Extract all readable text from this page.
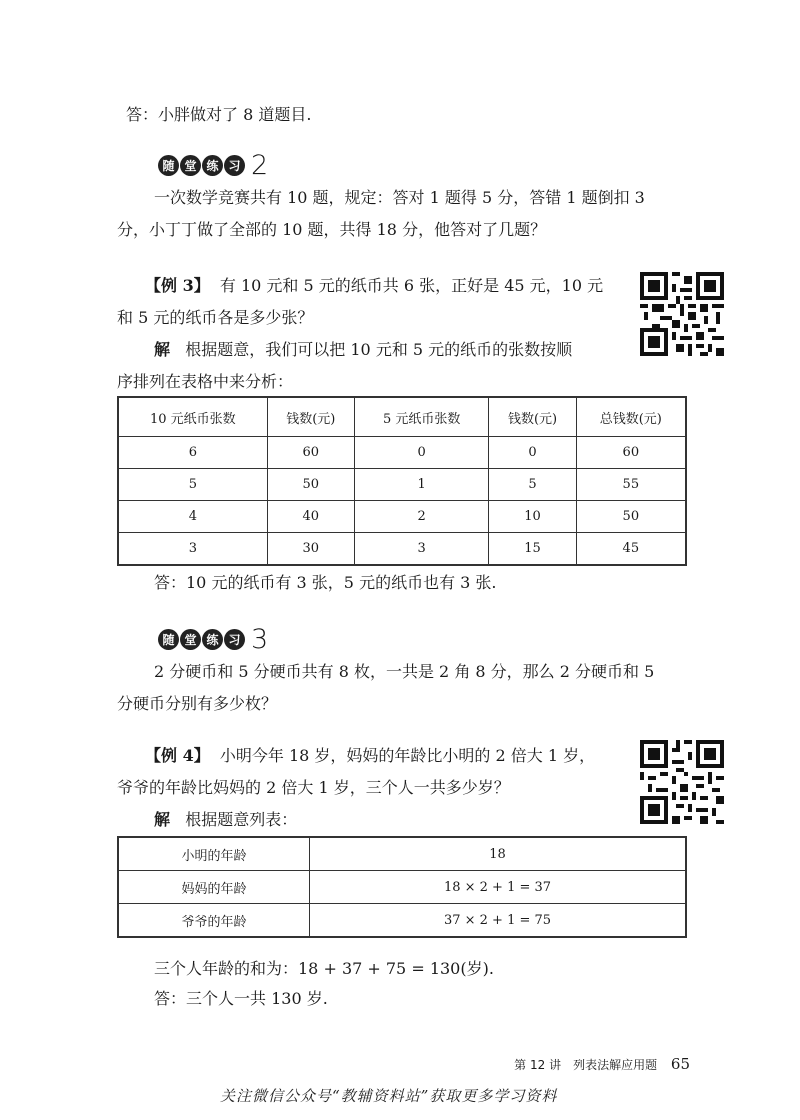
答：小胖做对了 8 道题目.
随 堂 练 习 2
一次数学竞赛共有 10 题，规定：答对 1 题得 5 分，答错 1 题倒扣 3
分，小丁丁做了全部的 10 题，共得 18 分，他答对了几题？
【例 3】 有 10 元和 5 元的纸币共 6 张，正好是 45 元，10 元
和 5 元的纸币各是多少张？
解 根据题意，我们可以把 10 元和 5 元的纸币的张数按顺
序排列在表格中来分析：
10 元纸币张数	钱数(元)	5 元纸币张数	钱数(元)	总钱数(元)
6	60	0	0	60
5	50	1	5	55
4	40	2	10	50
3	30	3	15	45
答：10 元的纸币有 3 张，5 元的纸币也有 3 张.
随 堂 练 习 3
2 分硬币和 5 分硬币共有 8 枚，一共是 2 角 8 分，那么 2 分硬币和 5
分硬币分别有多少枚？
【例 4】 小明今年 18 岁，妈妈的年龄比小明的 2 倍大 1 岁，
爷爷的年龄比妈妈的 2 倍大 1 岁，三个人一共多少岁？
解 根据题意列表：
小明的年龄	18
妈妈的年龄	18 × 2 + 1 = 37
爷爷的年龄	37 × 2 + 1 = 75
三个人年龄的和为：18 + 37 + 75 = 130(岁).
答：三个人一共 130 岁.
第 12 讲　列表法解应用题 65
关注微信公众号“教辅资料站”获取更多学习资料
